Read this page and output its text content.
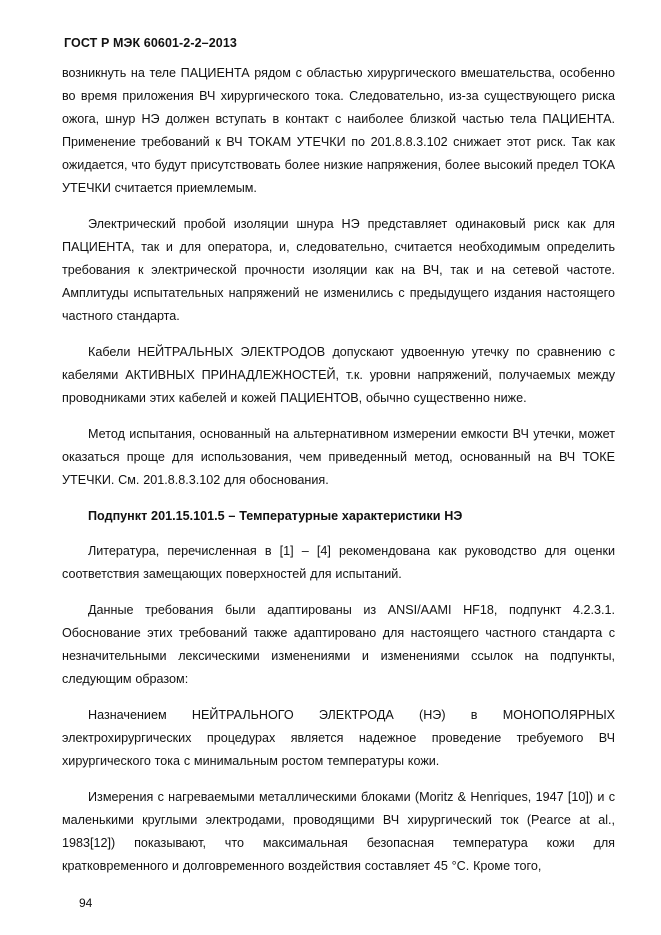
ГОСТ Р МЭК 60601-2-2–2013

возникнуть на теле ПАЦИЕНТА рядом с областью хирургического вмешательства, особенно во время приложения ВЧ хирургического тока. Следовательно, из-за существующего риска ожога, шнур НЭ должен вступать в контакт с наиболее близкой частью тела ПАЦИЕНТА. Применение требований к ВЧ ТОКАМ УТЕЧКИ по 201.8.8.3.102 снижает этот риск. Так как ожидается, что будут присутствовать более низкие напряжения, более высокий предел ТОКА УТЕЧКИ считается приемлемым.

Электрический пробой изоляции шнура НЭ представляет одинаковый риск как для ПАЦИЕНТА, так и для оператора, и, следовательно, считается необходимым определить требования к электрической прочности изоляции как на ВЧ, так и на сетевой частоте. Амплитуды испытательных напряжений не изменились с предыдущего издания настоящего частного стандарта.

Кабели НЕЙТРАЛЬНЫХ ЭЛЕКТРОДОВ допускают удвоенную утечку по сравнению с кабелями АКТИВНЫХ ПРИНАДЛЕЖНОСТЕЙ, т.к. уровни напряжений, получаемых между проводниками этих кабелей и кожей ПАЦИЕНТОВ, обычно существенно ниже.

Метод испытания, основанный на альтернативном измерении емкости ВЧ утечки, может оказаться проще для использования, чем приведенный метод, основанный на ВЧ ТОКЕ УТЕЧКИ. См. 201.8.8.3.102 для обоснования.

Подпункт 201.15.101.5 – Температурные характеристики НЭ

Литература, перечисленная в [1] – [4] рекомендована как руководство для оценки соответствия замещающих поверхностей для испытаний.

Данные требования были адаптированы из ANSI/AAMI HF18, подпункт 4.2.3.1. Обоснование этих требований также адаптировано для настоящего частного стандарта с незначительными лексическими изменениями и изменениями ссылок на подпункты, следующим образом:

Назначением НЕЙТРАЛЬНОГО ЭЛЕКТРОДА (НЭ) в МОНОПОЛЯРНЫХ электрохирургических процедурах является надежное проведение требуемого ВЧ хирургического тока с минимальным ростом температуры кожи.

Измерения с нагреваемыми металлическими блоками (Moritz & Henriques, 1947 [10]) и с маленькими круглыми электродами, проводящими ВЧ хирургический ток (Pearce at al., 1983[12]) показывают, что максимальная безопасная температура кожи для кратковременного и долговременного воздействия составляет 45 °С. Кроме того,

94
